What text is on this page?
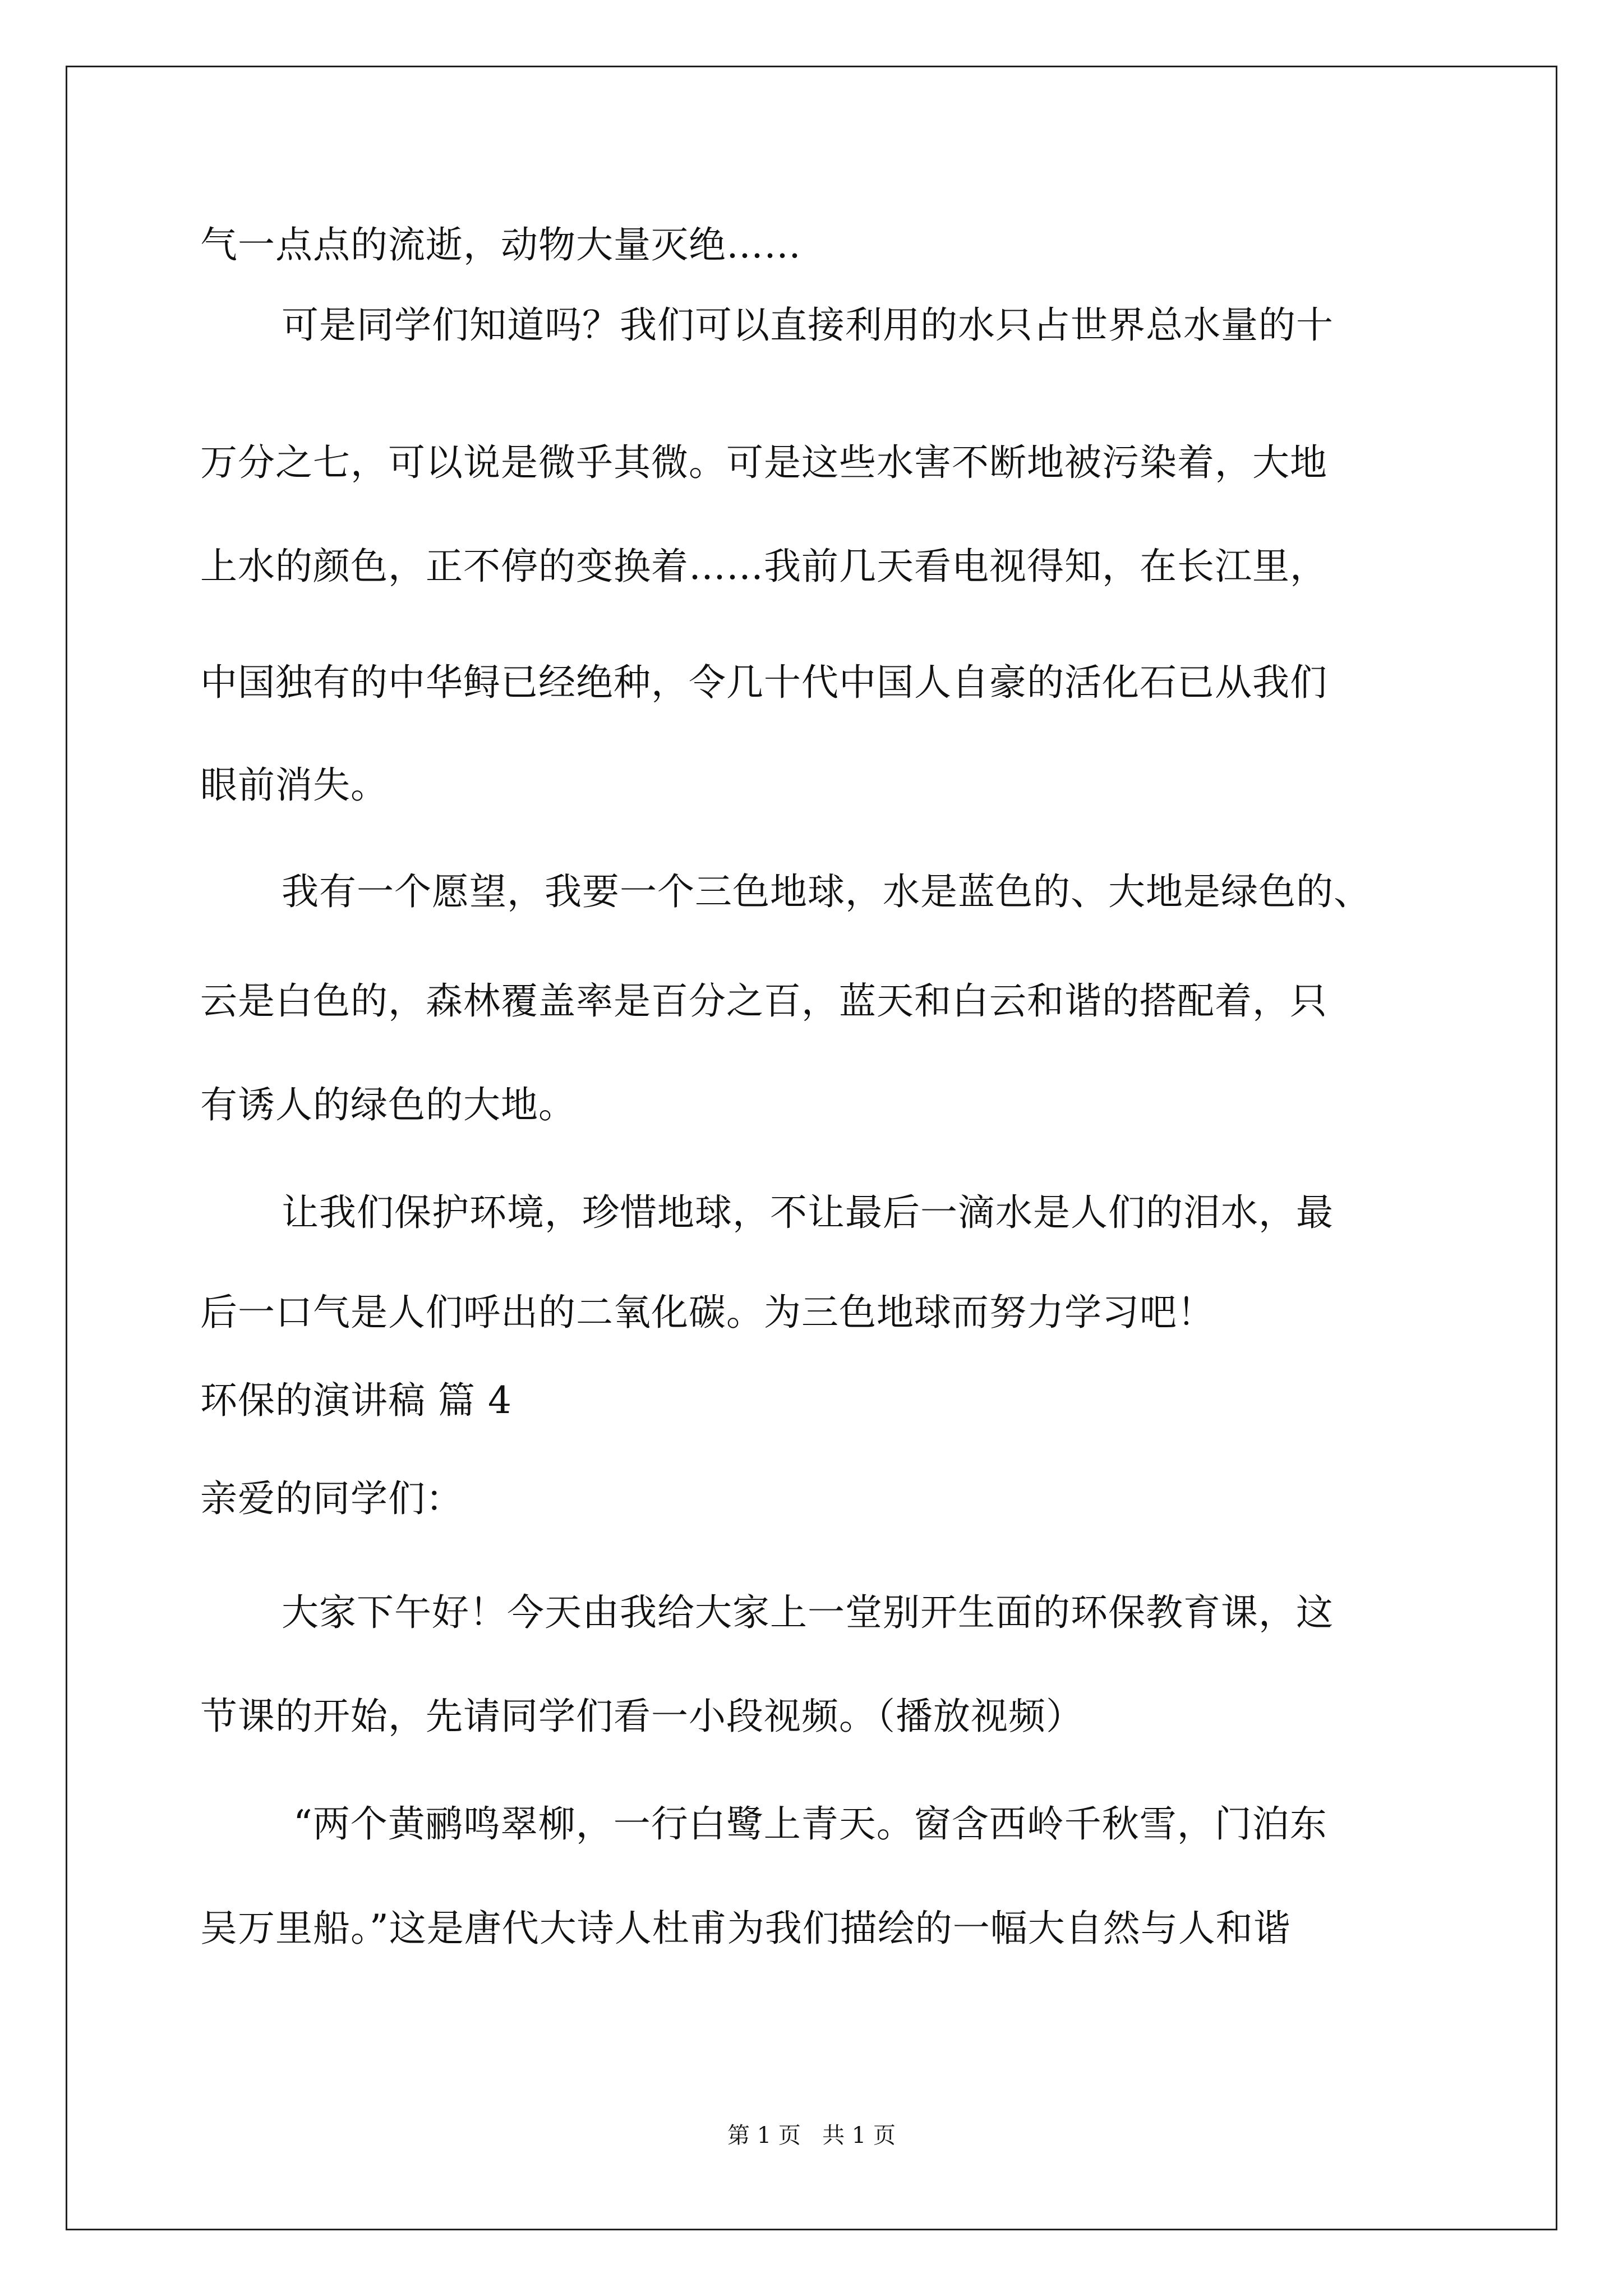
气一点点的流逝，动物大量灭绝……
可是同学们知道吗？我们可以直接利用的水只占世界总水量的十
万分之七，可以说是微乎其微。可是这些水害不断地被污染着，大地
上水的颜色，正不停的变换着……我前几天看电视得知，在长江里，
中国独有的中华鲟已经绝种，令几十代中国人自豪的活化石已从我们
眼前消失。
我有一个愿望，我要一个三色地球，水是蓝色的、大地是绿色的、
云是白色的，森林覆盖率是百分之百，蓝天和白云和谐的搭配着，只
有诱人的绿色的大地。
让我们保护环境，珍惜地球，不让最后一滴水是人们的泪水，最
后一口气是人们呼出的二氧化碳。为三色地球而努力学习吧！
环保的演讲稿 篇 4
亲爱的同学们：
大家下午好！今天由我给大家上一堂别开生面的环保教育课，这
节课的开始，先请同学们看一小段视频。（播放视频）
“两个黄鹂鸣翠柳，一行白鹭上青天。窗含西岭千秋雪，门泊东
吴万里船。”这是唐代大诗人杜甫为我们描绘的一幅大自然与人和谐
第 1 页   共 1 页
